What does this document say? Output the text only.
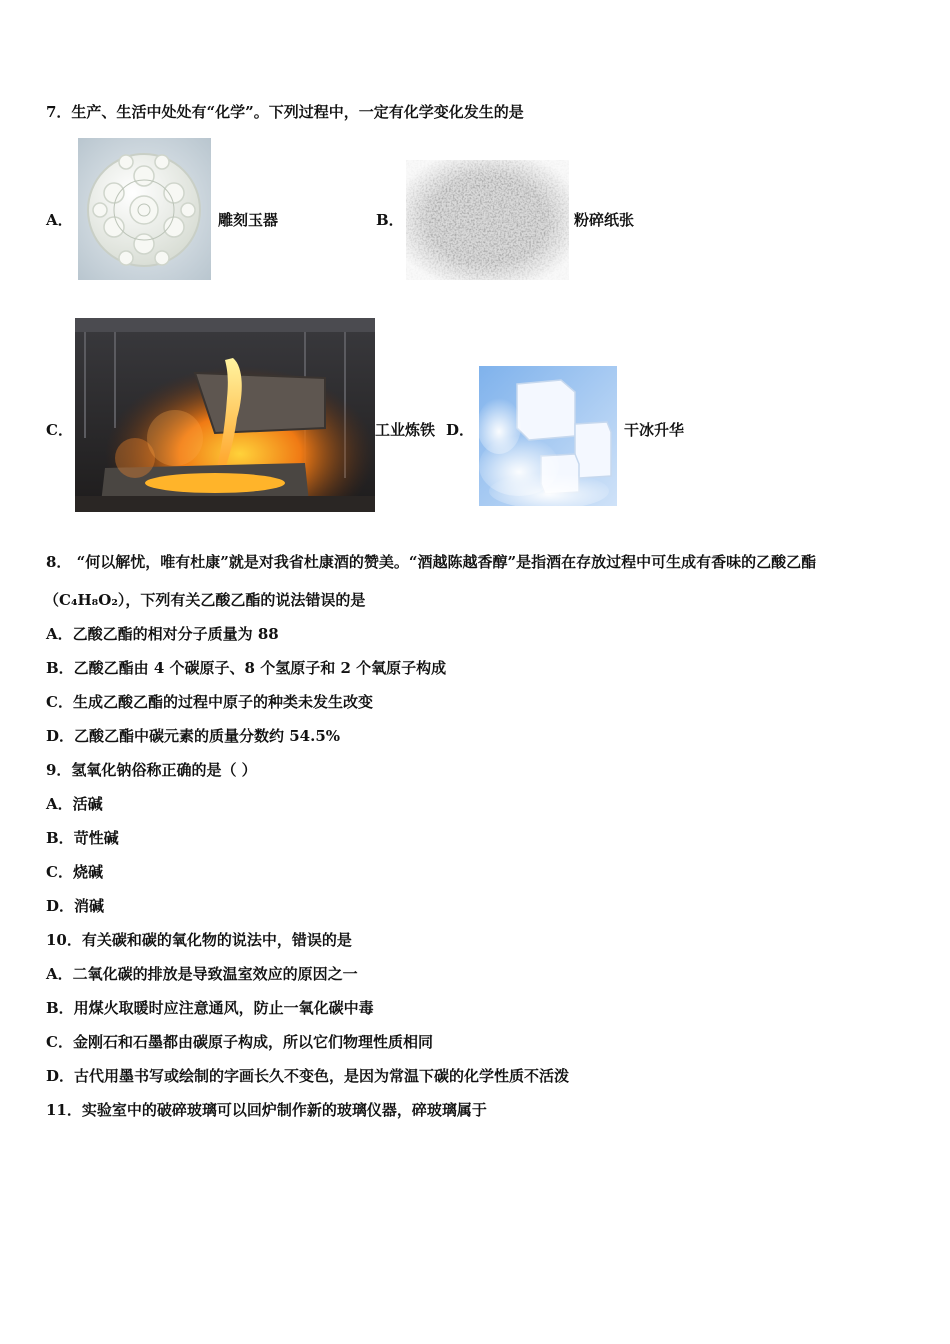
7．生产、生活中处处有“化学”。下列过程中，一定有化学变化发生的是
A．	雕刻玉器	B．	粉碎纸张
C．	工业炼铁 D．	干冰升华
8． “何以解忧，唯有杜康”就是对我省杜康酒的赞美。“酒越陈越香醇”是指酒在存放过程中可生成有香味的乙酸乙酯
（C₄H₈O₂），下列有关乙酸乙酯的说法错误的是
A．乙酸乙酯的相对分子质量为 88
B．乙酸乙酯由 4 个碳原子、8 个氢原子和 2 个氧原子构成
C．生成乙酸乙酯的过程中原子的种类未发生改变
D．乙酸乙酯中碳元素的质量分数约 54.5%
9．氢氧化钠俗称正确的是（ ）
A．活碱
B．苛性碱
C．烧碱
D．消碱
10．有关碳和碳的氧化物的说法中，错误的是
A．二氧化碳的排放是导致温室效应的原因之一
B．用煤火取暖时应注意通风，防止一氧化碳中毒
C．金刚石和石墨都由碳原子构成，所以它们物理性质相同
D．古代用墨书写或绘制的字画长久不变色，是因为常温下碳的化学性质不活泼
11．实验室中的破碎玻璃可以回炉制作新的玻璃仪器，碎玻璃属于
